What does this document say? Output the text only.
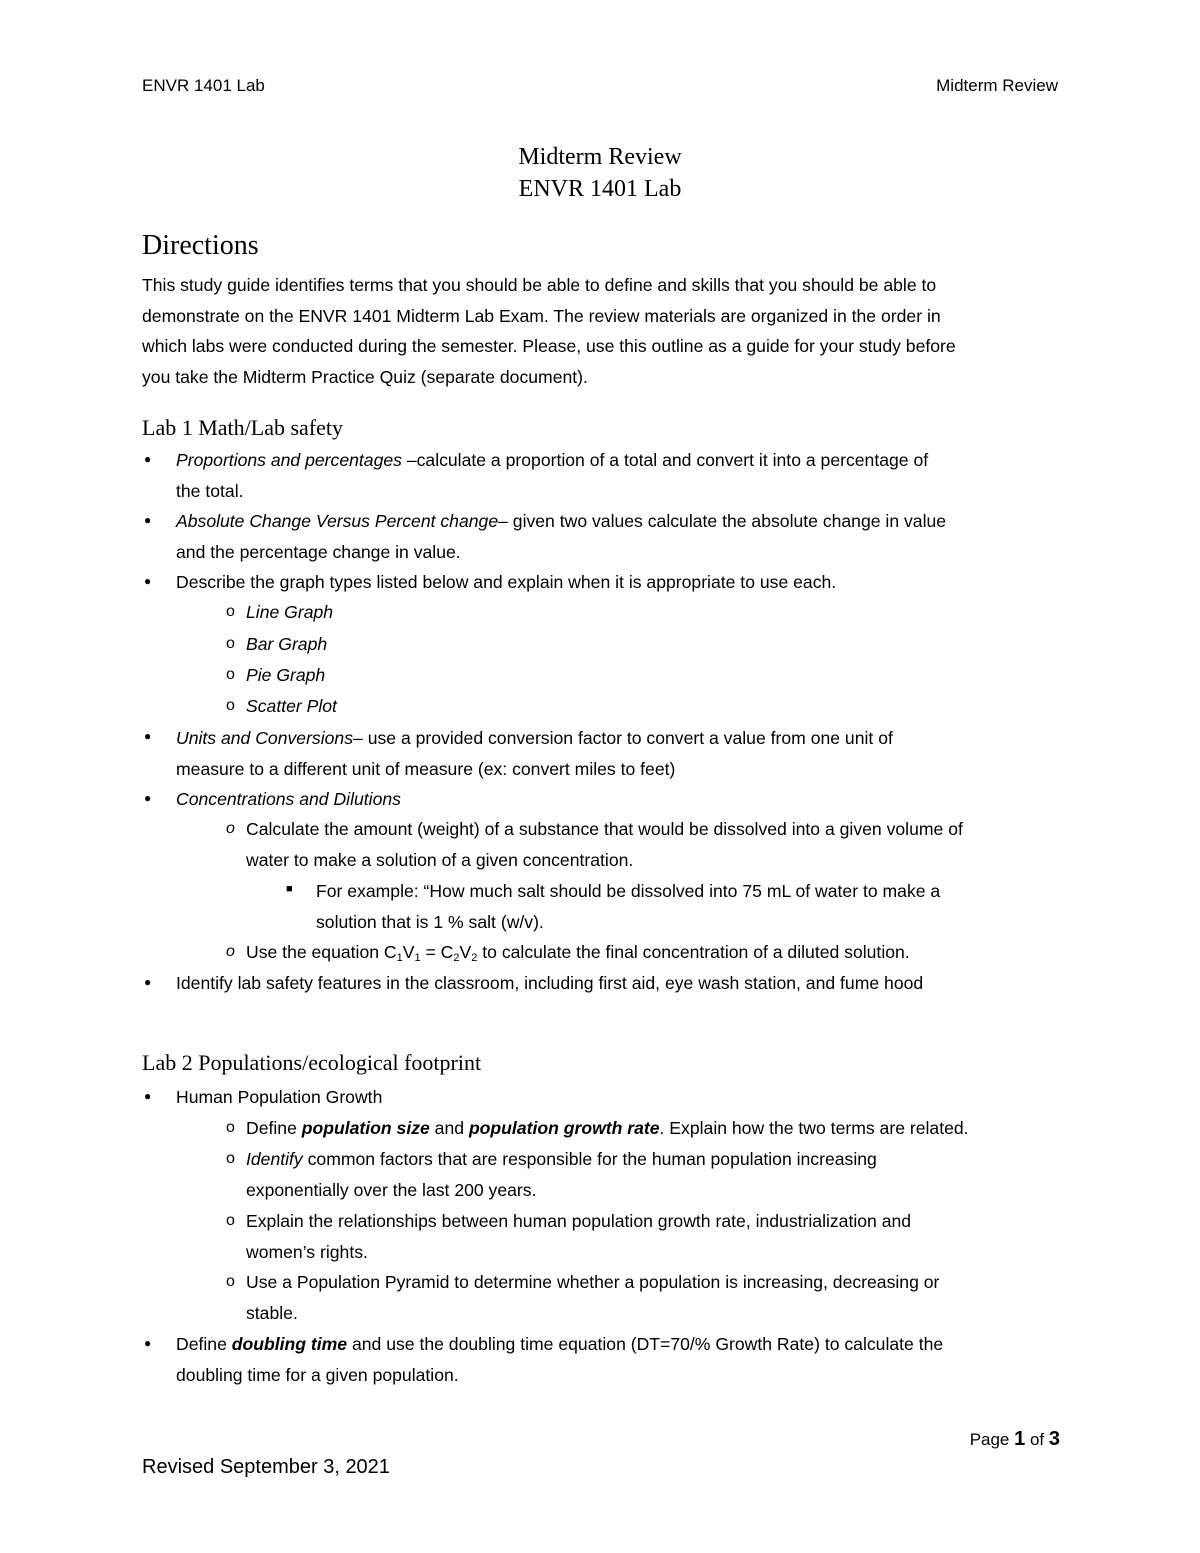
ENVR 1401 Lab	Midterm Review
Midterm Review
ENVR 1401 Lab
Directions
This study guide identifies terms that you should be able to define and skills that you should be able to
demonstrate on the ENVR 1401 Midterm Lab Exam. The review materials are organized in the order in
which labs were conducted during the semester. Please, use this outline as a guide for your study before
you take the Midterm Practice Quiz (separate document).
Lab 1 Math/Lab safety
● Proportions and percentages –calculate a proportion of a total and convert it into a percentage of
the total.
● Absolute Change Versus Percent change– given two values calculate the absolute change in value
and the percentage change in value.
● Describe the graph types listed below and explain when it is appropriate to use each.
o Line Graph
o Bar Graph
o Pie Graph
o Scatter Plot
● Units and Conversions– use a provided conversion factor to convert a value from one unit of
measure to a different unit of measure (ex: convert miles to feet)
● Concentrations and Dilutions
o Calculate the amount (weight) of a substance that would be dissolved into a given volume of
water to make a solution of a given concentration.
■ For example: “How much salt should be dissolved into 75 mL of water to make a
solution that is 1 % salt (w/v).
o Use the equation $C_1V_1 = C_2V_2$ to calculate the final concentration of a diluted solution.
● Identify lab safety features in the classroom, including first aid, eye wash station, and fume hood
Lab 2 Populations/ecological footprint
● Human Population Growth
o Define population size and population growth rate. Explain how the two terms are related.
o Identify common factors that are responsible for the human population increasing
exponentially over the last 200 years.
o Explain the relationships between human population growth rate, industrialization and
women’s rights.
o Use a Population Pyramid to determine whether a population is increasing, decreasing or
stable.
● Define doubling time and use the doubling time equation (DT=70/% Growth Rate) to calculate the
doubling time for a given population.
Page 1 of 3
Revised September 3, 2021
